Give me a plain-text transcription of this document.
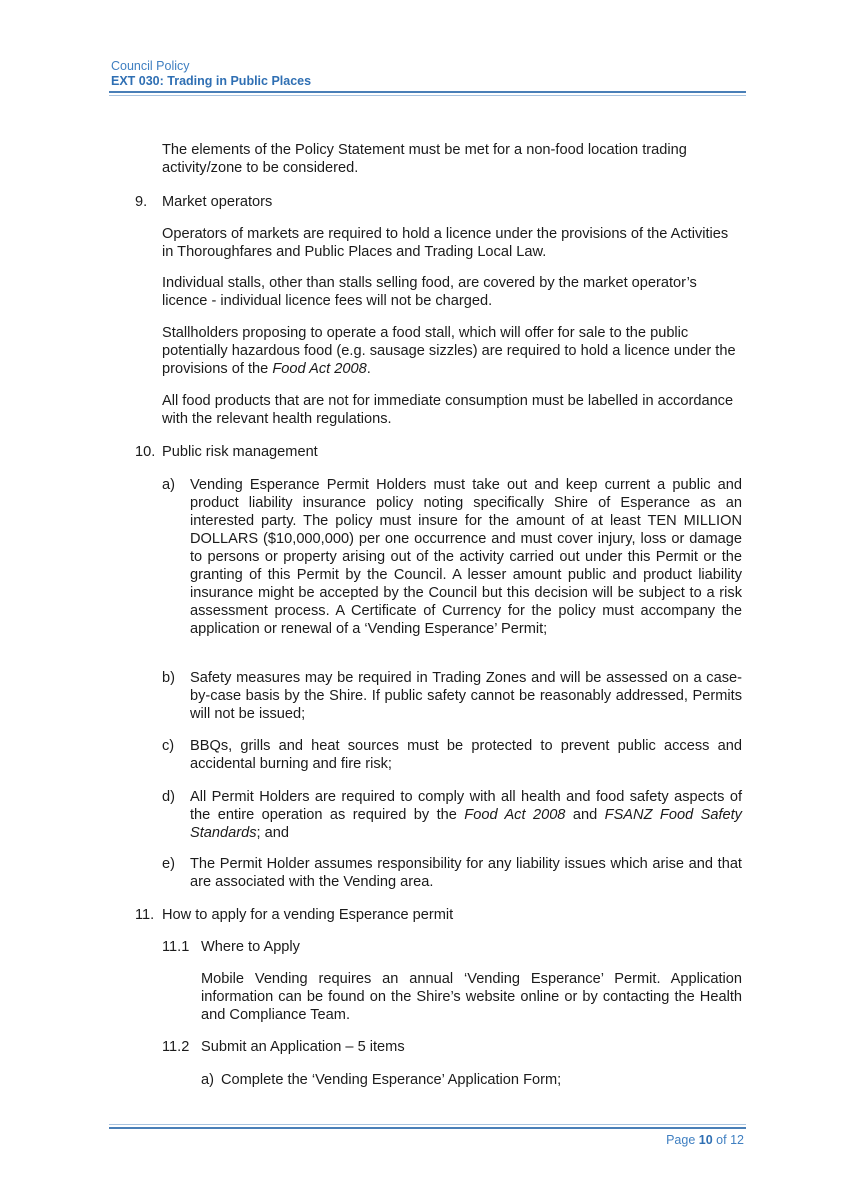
Council Policy
EXT 030: Trading in Public Places

The elements of the Policy Statement must be met for a non-food location trading activity/zone to be considered.

9. Market operators

Operators of markets are required to hold a licence under the provisions of the Activities in Thoroughfares and Public Places and Trading Local Law.

Individual stalls, other than stalls selling food, are covered by the market operator’s licence - individual licence fees will not be charged.

Stallholders proposing to operate a food stall, which will offer for sale to the public potentially hazardous food (e.g. sausage sizzles) are required to hold a licence under the provisions of the Food Act 2008.

All food products that are not for immediate consumption must be labelled in accordance with the relevant health regulations.

10. Public risk management

a) Vending Esperance Permit Holders must take out and keep current a public and product liability insurance policy noting specifically Shire of Esperance as an interested party. The policy must insure for the amount of at least TEN MILLION DOLLARS ($10,000,000) per one occurrence and must cover injury, loss or damage to persons or property arising out of the activity carried out under this Permit or the granting of this Permit by the Council. A lesser amount public and product liability insurance might be accepted by the Council but this decision will be subject to a risk assessment process. A Certificate of Currency for the policy must accompany the application or renewal of a ‘Vending Esperance’ Permit;

b) Safety measures may be required in Trading Zones and will be assessed on a case-by-case basis by the Shire. If public safety cannot be reasonably addressed, Permits will not be issued;

c) BBQs, grills and heat sources must be protected to prevent public access and accidental burning and fire risk;

d) All Permit Holders are required to comply with all health and food safety aspects of the entire operation as required by the Food Act 2008 and FSANZ Food Safety Standards; and

e) The Permit Holder assumes responsibility for any liability issues which arise and that are associated with the Vending area.

11. How to apply for a vending Esperance permit

11.1 Where to Apply

Mobile Vending requires an annual ‘Vending Esperance’ Permit. Application information can be found on the Shire’s website online or by contacting the Health and Compliance Team.

11.2 Submit an Application – 5 items

a) Complete the ‘Vending Esperance’ Application Form;

Page 10 of 12
